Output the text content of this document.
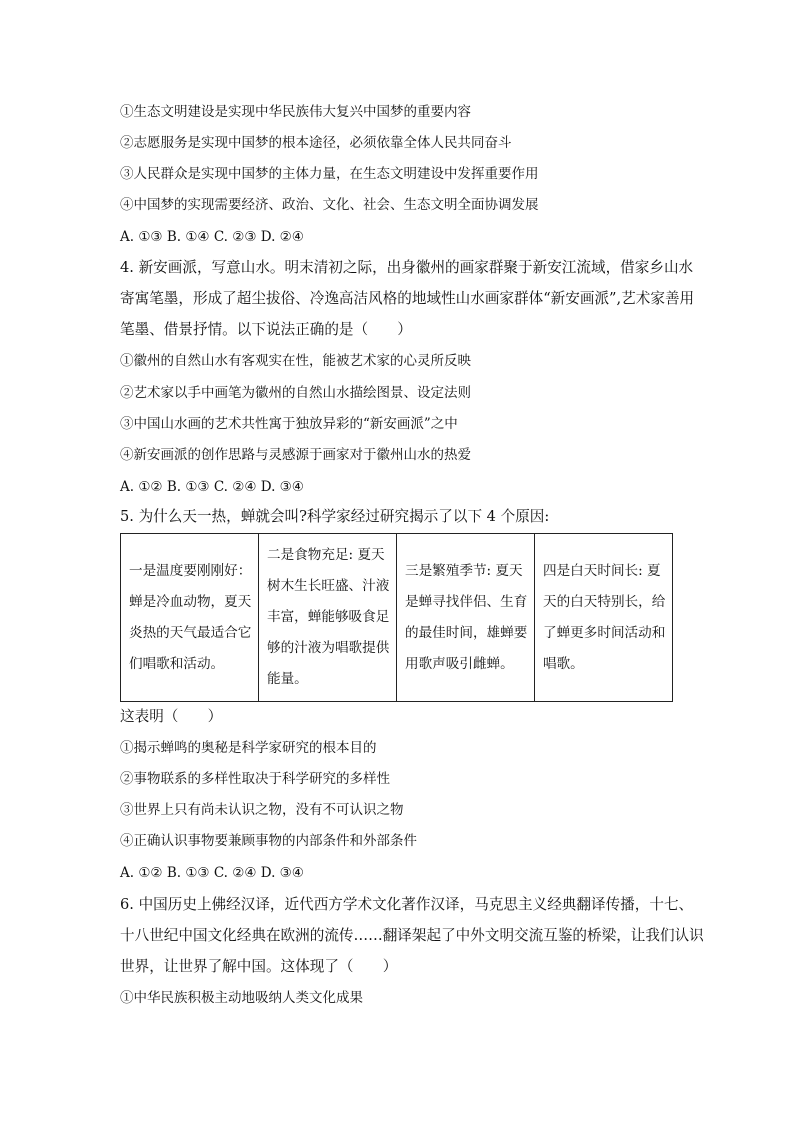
①生态文明建设是实现中华民族伟大复兴中国梦的重要内容
②志愿服务是实现中国梦的根本途径，必须依靠全体人民共同奋斗
③人民群众是实现中国梦的主体力量，在生态文明建设中发挥重要作用
④中国梦的实现需要经济、政治、文化、社会、生态文明全面协调发展
A. ①③ B. ①④ C. ②③ D. ②④
4. 新安画派，写意山水。明末清初之际，出身徽州的画家群聚于新安江流域，借家乡山水
寄寓笔墨，形成了超尘拔俗、冷逸高洁风格的地域性山水画家群体“新安画派”,艺术家善用
笔墨、借景抒情。以下说法正确的是（　　）
①徽州的自然山水有客观实在性，能被艺术家的心灵所反映
②艺术家以手中画笔为徽州的自然山水描绘图景、设定法则
③中国山水画的艺术共性寓于独放异彩的“新安画派”之中
④新安画派的创作思路与灵感源于画家对于徽州山水的热爱
A. ①② B. ①③ C. ②④ D. ③④
5. 为什么天一热，蝉就会叫?科学家经过研究揭示了以下 4 个原因:
一是温度要刚刚好：蝉是冷血动物，夏天炎热的天气最适合它们唱歌和活动。	二是食物充足: 夏天树木生长旺盛、汁液丰富，蝉能够吸食足够的汁液为唱歌提供能量。	三是繁殖季节: 夏天是蝉寻找伴侣、生育的最佳时间，雄蝉要用歌声吸引雌蝉。	四是白天时间长: 夏天的白天特别长，给了蝉更多时间活动和唱歌。
这表明（　　）
①揭示蝉鸣的奥秘是科学家研究的根本目的
②事物联系的多样性取决于科学研究的多样性
③世界上只有尚未认识之物，没有不可认识之物
④正确认识事物要兼顾事物的内部条件和外部条件
A. ①② B. ①③ C. ②④ D. ③④
6. 中国历史上佛经汉译，近代西方学术文化著作汉译，马克思主义经典翻译传播，十七、
十八世纪中国文化经典在欧洲的流传……翻译架起了中外文明交流互鉴的桥梁，让我们认识
世界，让世界了解中国。这体现了（　　）
①中华民族积极主动地吸纳人类文化成果
